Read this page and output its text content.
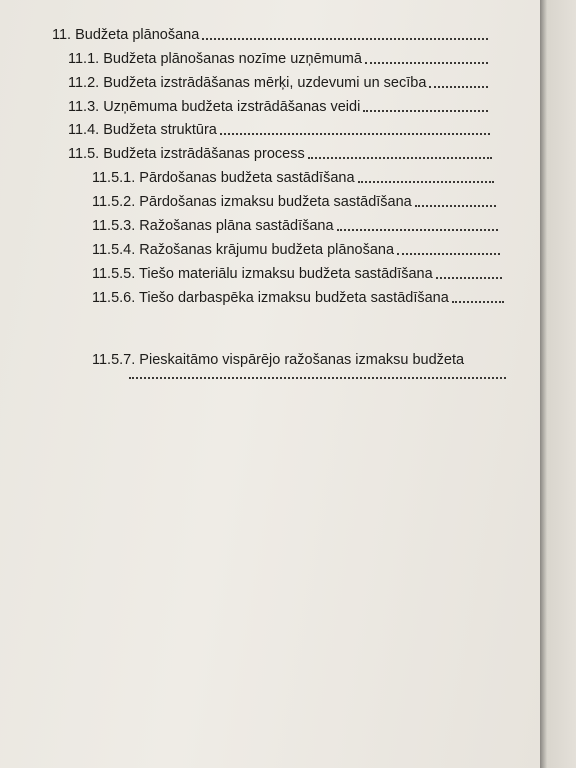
11. Budžeta plānošana
11.1. Budžeta plānošanas nozīme uzņēmumā
11.2. Budžeta izstrādāšanas mērķi, uzdevumi un secība
11.3. Uzņēmuma budžeta izstrādāšanas veidi
11.4. Budžeta struktūra
11.5. Budžeta izstrādāšanas process
11.5.1. Pārdošanas budžeta sastādīšana
11.5.2. Pārdošanas izmaksu budžeta sastādīšana
11.5.3. Ražošanas plāna sastādīšana
11.5.4. Ražošanas krājumu budžeta plānošana
11.5.5. Tiešo materiālu izmaksu budžeta sastādīšana
11.5.6. Tiešo darbaspēka izmaksu budžeta sastādīšana
11.5.7. Pieskaitāmo vispārējo ražošanas izmaksu budžeta
